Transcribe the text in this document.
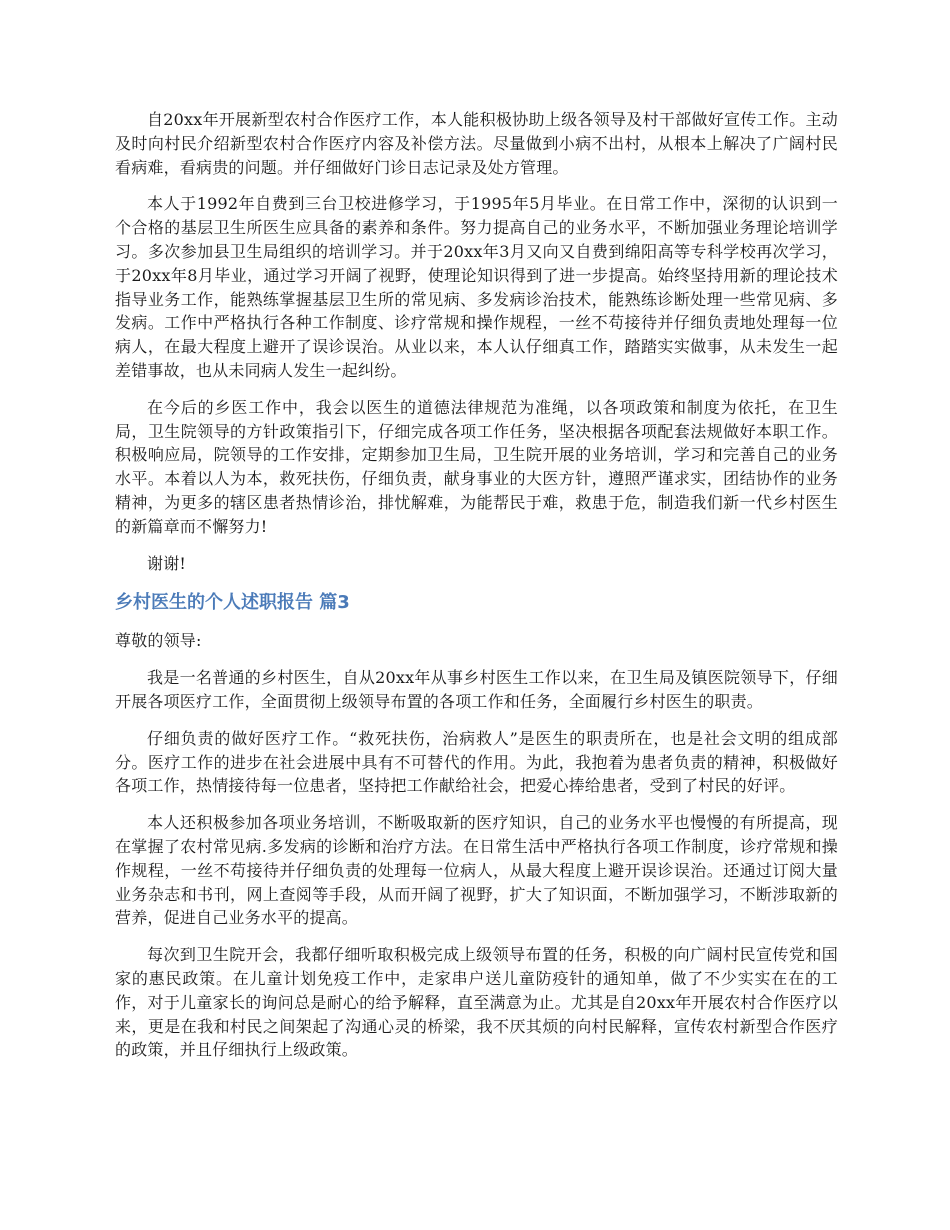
自20xx年开展新型农村合作医疗工作，本人能积极协助上级各领导及村干部做好宣传工作。主动及时向村民介绍新型农村合作医疗内容及补偿方法。尽量做到小病不出村，从根本上解决了广阔村民看病难，看病贵的问题。并仔细做好门诊日志记录及处方管理。

本人于1992年自费到三台卫校进修学习，于1995年5月毕业。在日常工作中，深彻的认识到一个合格的基层卫生所医生应具备的素养和条件。努力提高自己的业务水平，不断加强业务理论培训学习。多次参加县卫生局组织的培训学习。并于20xx年3月又向又自费到绵阳高等专科学校再次学习，于20xx年8月毕业，通过学习开阔了视野，使理论知识得到了进一步提高。始终坚持用新的理论技术指导业务工作，能熟练掌握基层卫生所的常见病、多发病诊治技术，能熟练诊断处理一些常见病、多发病。工作中严格执行各种工作制度、诊疗常规和操作规程，一丝不苟接待并仔细负责地处理每一位病人，在最大程度上避开了误诊误治。从业以来，本人认仔细真工作，踏踏实实做事，从未发生一起差错事故，也从未同病人发生一起纠纷。

在今后的乡医工作中，我会以医生的道德法律规范为准绳，以各项政策和制度为依托，在卫生局，卫生院领导的方针政策指引下，仔细完成各项工作任务，坚决根据各项配套法规做好本职工作。积极响应局，院领导的工作安排，定期参加卫生局，卫生院开展的业务培训，学习和完善自己的业务水平。本着以人为本，救死扶伤，仔细负责，献身事业的大医方针，遵照严谨求实，团结协作的业务精神，为更多的辖区患者热情诊治，排忧解难，为能帮民于难，救患于危，制造我们新一代乡村医生的新篇章而不懈努力!

谢谢!

乡村医生的个人述职报告 篇3

尊敬的领导:

我是一名普通的乡村医生，自从20xx年从事乡村医生工作以来，在卫生局及镇医院领导下，仔细开展各项医疗工作，全面贯彻上级领导布置的各项工作和任务，全面履行乡村医生的职责。

仔细负责的做好医疗工作。“救死扶伤，治病救人”是医生的职责所在，也是社会文明的组成部分。医疗工作的进步在社会进展中具有不可替代的作用。为此，我抱着为患者负责的精神，积极做好各项工作，热情接待每一位患者，坚持把工作献给社会，把爱心捧给患者，受到了村民的好评。

本人还积极参加各项业务培训，不断吸取新的医疗知识，自己的业务水平也慢慢的有所提高，现在掌握了农村常见病.多发病的诊断和治疗方法。在日常生活中严格执行各项工作制度，诊疗常规和操作规程，一丝不苟接待并仔细负责的处理每一位病人，从最大程度上避开误诊误治。还通过订阅大量业务杂志和书刊，网上查阅等手段，从而开阔了视野，扩大了知识面，不断加强学习，不断涉取新的营养，促进自己业务水平的提高。

每次到卫生院开会，我都仔细听取积极完成上级领导布置的任务，积极的向广阔村民宣传党和国家的惠民政策。在儿童计划免疫工作中，走家串户送儿童防疫针的通知单，做了不少实实在在的工作，对于儿童家长的询问总是耐心的给予解释，直至满意为止。尤其是自20xx年开展农村合作医疗以来，更是在我和村民之间架起了沟通心灵的桥梁，我不厌其烦的向村民解释，宣传农村新型合作医疗的政策，并且仔细执行上级政策。
